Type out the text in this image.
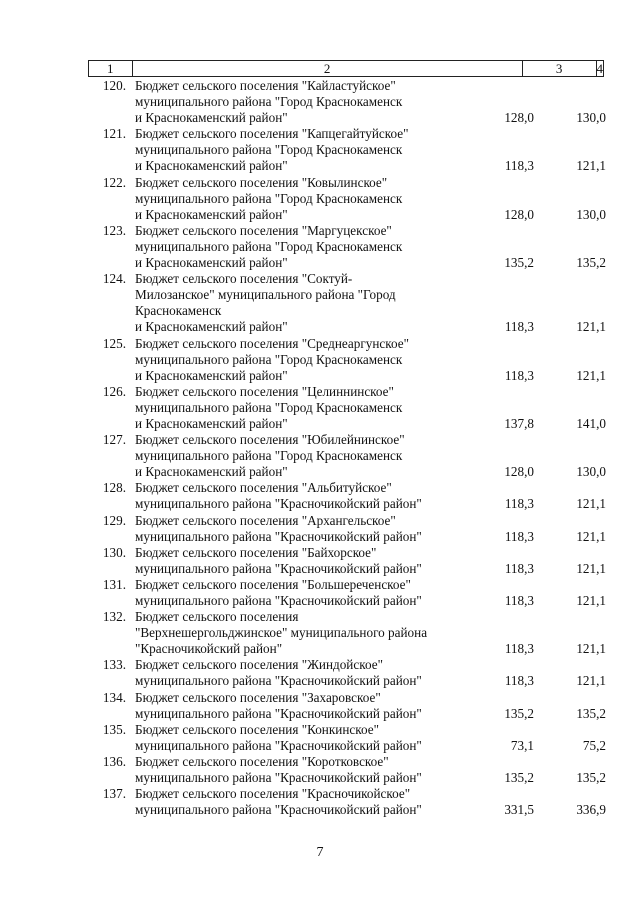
1	2	3	4
120. Бюджет сельского поселения "Кайластуйское"
муниципального района "Город Краснокаменск
и Краснокаменский район"	128,0	130,0
121. Бюджет сельского поселения "Капцегайтуйское"
муниципального района "Город Краснокаменск
и Краснокаменский район"	118,3	121,1
122. Бюджет сельского поселения "Ковылинское"
муниципального района "Город Краснокаменск
и Краснокаменский район"	128,0	130,0
123. Бюджет сельского поселения "Маргуцекское"
муниципального района "Город Краснокаменск
и Краснокаменский район"	135,2	135,2
124. Бюджет сельского поселения "Соктуй-
Милозанское" муниципального района "Город
Краснокаменск
и Краснокаменский район"	118,3	121,1
125. Бюджет сельского поселения "Среднеаргунское"
муниципального района "Город Краснокаменск
и Краснокаменский район"	118,3	121,1
126. Бюджет сельского поселения "Целиннинское"
муниципального района "Город Краснокаменск
и Краснокаменский район"	137,8	141,0
127. Бюджет сельского поселения "Юбилейнинское"
муниципального района "Город Краснокаменск
и Краснокаменский район"	128,0	130,0
128. Бюджет сельского поселения "Альбитуйское"
муниципального района "Красночикойский район"	118,3	121,1
129. Бюджет сельского поселения "Архангельское"
муниципального района "Красночикойский район"	118,3	121,1
130. Бюджет сельского поселения "Байхорское"
муниципального района "Красночикойский район"	118,3	121,1
131. Бюджет сельского поселения "Большереченское"
муниципального района "Красночикойский район"	118,3	121,1
132. Бюджет сельского поселения
"Верхнешергольджинское" муниципального района
"Красночикойский район"	118,3	121,1
133. Бюджет сельского поселения "Жиндойское"
муниципального района "Красночикойский район"	118,3	121,1
134. Бюджет сельского поселения "Захаровское"
муниципального района "Красночикойский район"	135,2	135,2
135. Бюджет сельского поселения "Конкинское"
муниципального района "Красночикойский район"	73,1	75,2
136. Бюджет сельского поселения "Коротковское"
муниципального района "Красночикойский район"	135,2	135,2
137. Бюджет сельского поселения "Красночикойское"
муниципального района "Красночикойский район"	331,5	336,9
7
